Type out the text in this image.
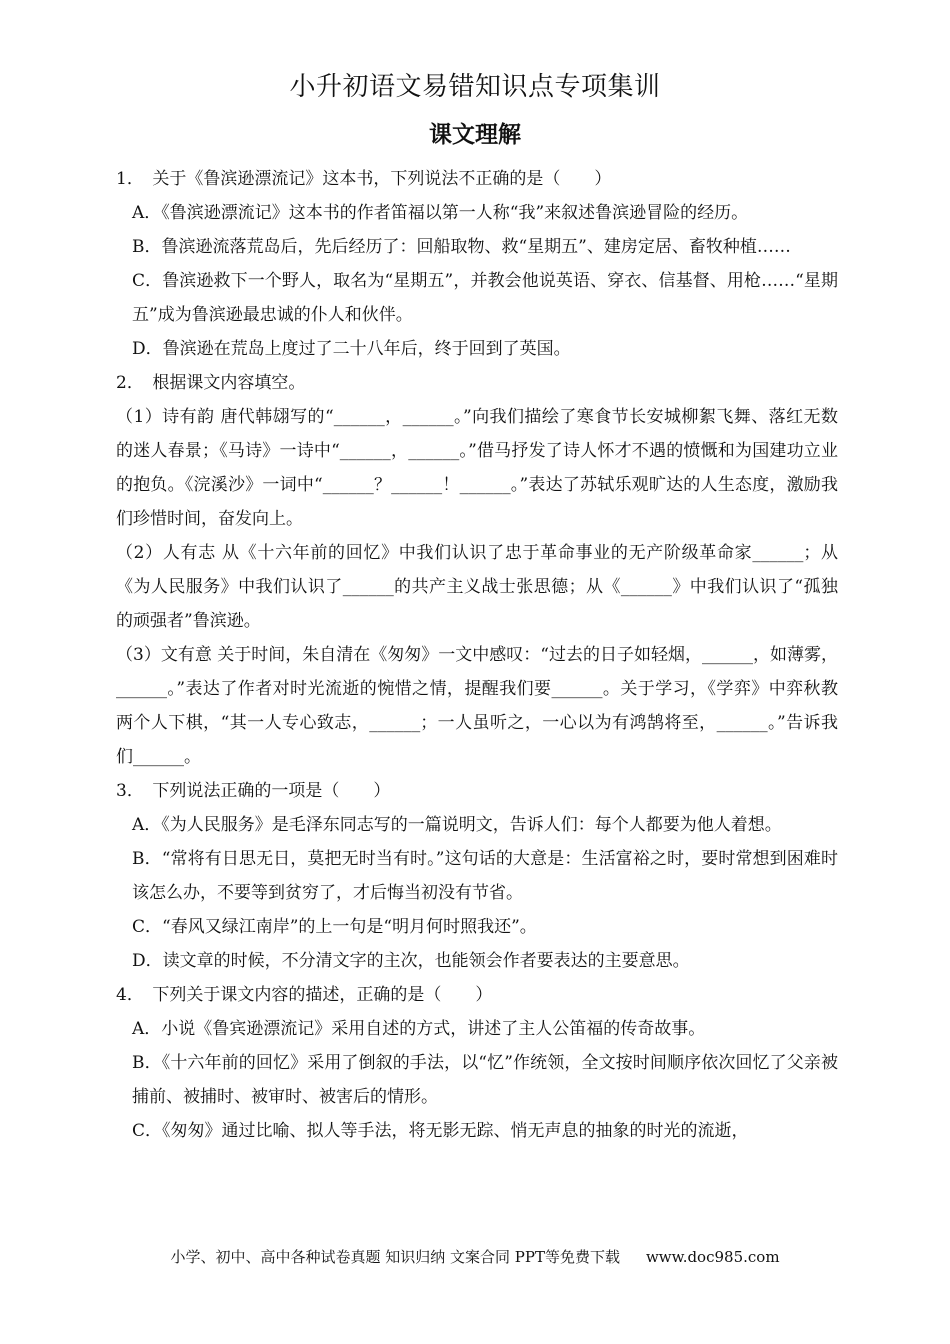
小升初语文易错知识点专项集训
课文理解

1．　关于《鲁滨逊漂流记》这本书，下列说法不正确的是（　　）

A．《鲁滨逊漂流记》这本书的作者笛福以第一人称“我”来叙述鲁滨逊冒险的经历。

B．鲁滨逊流落荒岛后，先后经历了：回船取物、救“星期五”、建房定居、畜牧种植……

C．鲁滨逊救下一个野人，取名为“星期五”，并教会他说英语、穿衣、信基督、用枪……“星期五”成为鲁滨逊最忠诚的仆人和伙伴。

D．鲁滨逊在荒岛上度过了二十八年后，终于回到了英国。

2．　根据课文内容填空。

（1）诗有韵 唐代韩翃写的“______，______。”向我们描绘了寒食节长安城柳絮飞舞、落红无数的迷人春景；《马诗》一诗中“______，______。”借马抒发了诗人怀才不遇的愤慨和为国建功立业的抱负。《浣溪沙》一词中“______？______！______。”表达了苏轼乐观旷达的人生态度，激励我们珍惜时间，奋发向上。

（2）人有志 从《十六年前的回忆》中我们认识了忠于革命事业的无产阶级革命家______；从《为人民服务》中我们认识了______的共产主义战士张思德；从《______》中我们认识了“孤独的顽强者”鲁滨逊。

（3）文有意 关于时间，朱自清在《匆匆》一文中感叹：“过去的日子如轻烟，______，如薄雾，______。”表达了作者对时光流逝的惋惜之情，提醒我们要______。关于学习，《学弈》中弈秋教两个人下棋，“其一人专心致志，______；一人虽听之，一心以为有鸿鹄将至，______。”告诉我们______。

3．　下列说法正确的一项是（　　）

A．《为人民服务》是毛泽东同志写的一篇说明文，告诉人们：每个人都要为他人着想。

B．“常将有日思无日，莫把无时当有时。”这句话的大意是：生活富裕之时，要时常想到困难时该怎么办，不要等到贫穷了，才后悔当初没有节省。

C．“春风又绿江南岸”的上一句是“明月何时照我还”。

D．读文章的时候，不分清文字的主次，也能领会作者要表达的主要意思。

4．　下列关于课文内容的描述，正确的是（　　）

A．小说《鲁宾逊漂流记》采用自述的方式，讲述了主人公笛福的传奇故事。

B．《十六年前的回忆》采用了倒叙的手法，以“忆”作统领，全文按时间顺序依次回忆了父亲被捕前、被捕时、被审时、被害后的情形。

C．《匆匆》通过比喻、拟人等手法，将无影无踪、悄无声息的抽象的时光的流逝，

小学、初中、高中各种试卷真题 知识归纳 文案合同 PPT等免费下载 www.doc985.com
